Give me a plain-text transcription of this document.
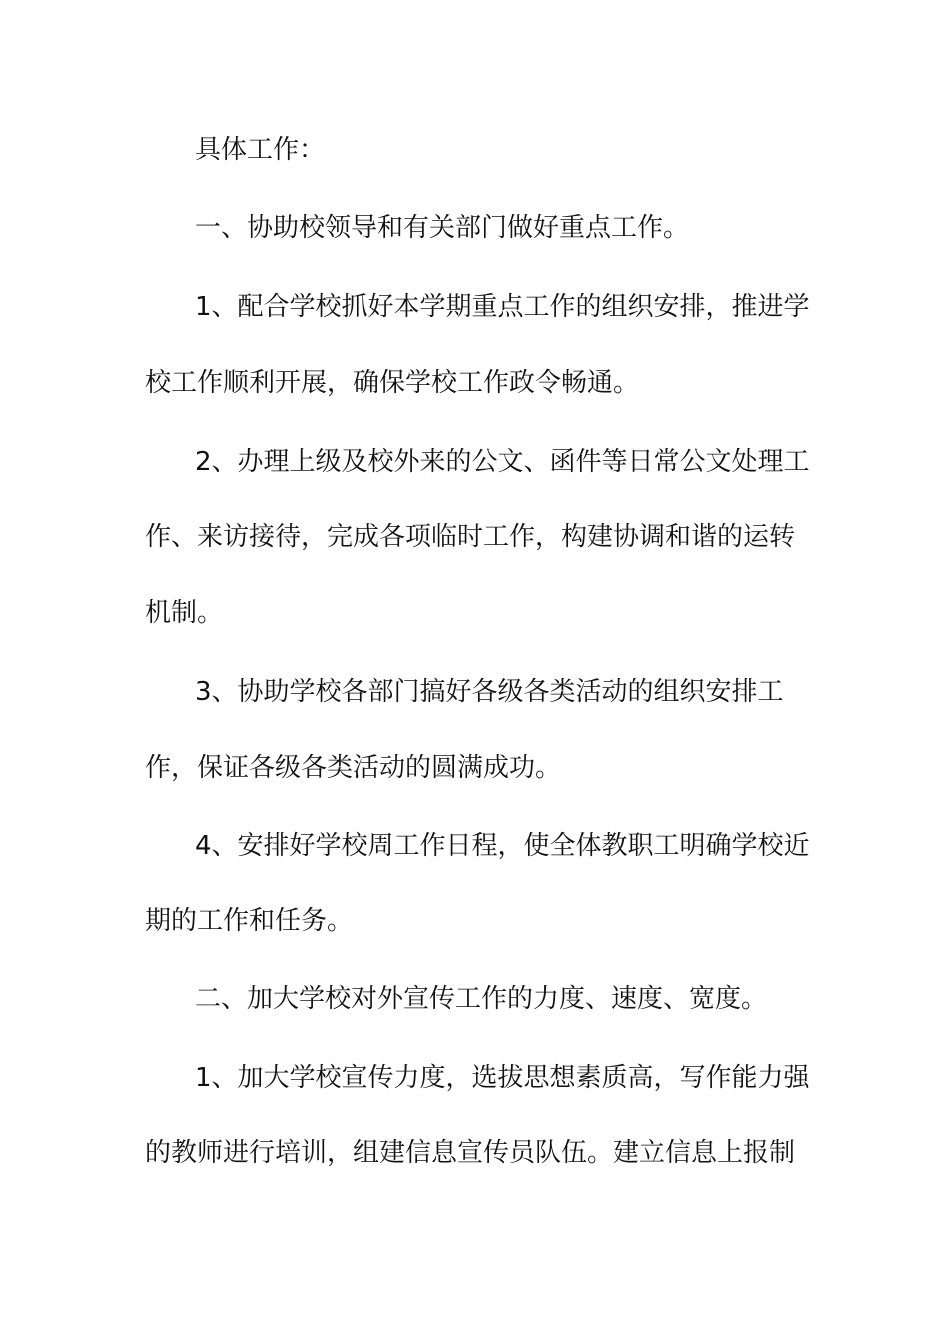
具体工作：

一、协助校领导和有关部门做好重点工作。

1、配合学校抓好本学期重点工作的组织安排，推进学

校工作顺利开展，确保学校工作政令畅通。

2、办理上级及校外来的公文、函件等日常公文处理工

作、来访接待，完成各项临时工作，构建协调和谐的运转

机制。

3、协助学校各部门搞好各级各类活动的组织安排工

作，保证各级各类活动的圆满成功。

4、安排好学校周工作日程，使全体教职工明确学校近

期的工作和任务。

二、加大学校对外宣传工作的力度、速度、宽度。

1、加大学校宣传力度，选拔思想素质高，写作能力强

的教师进行培训，组建信息宣传员队伍。建立信息上报制
